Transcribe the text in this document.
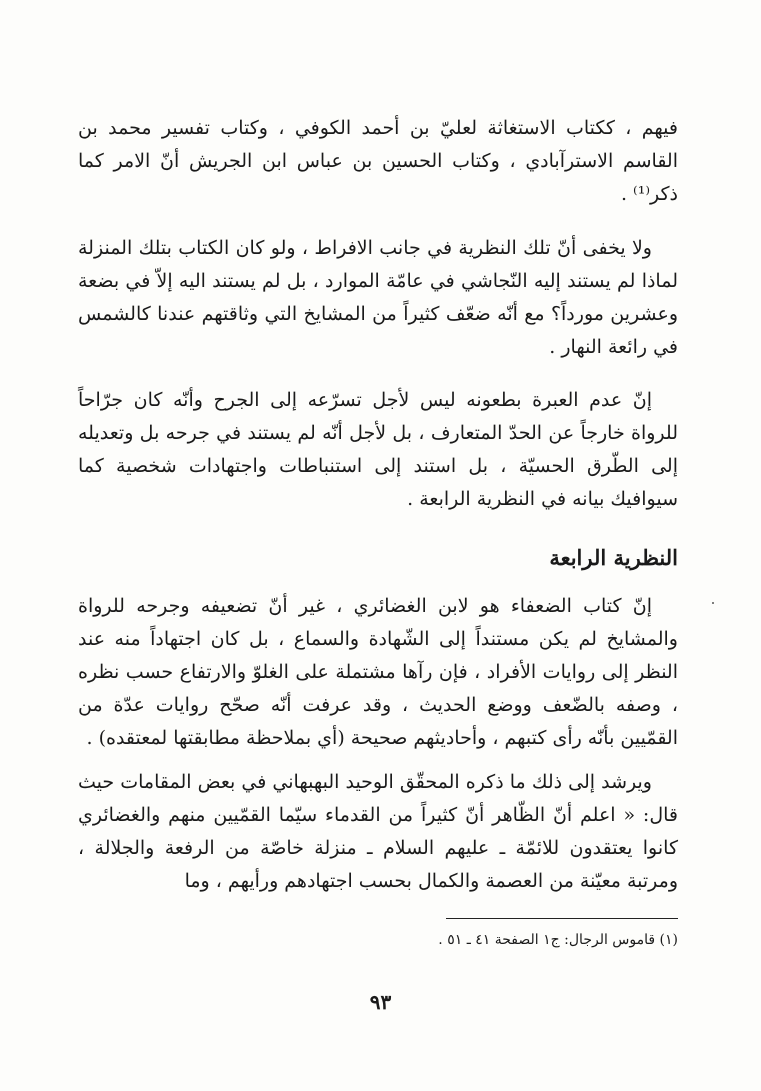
فيهم ، ككتاب الاستغاثة لعليّ بن أحمد الكوفي ، وكتاب تفسير محمد بن القاسم الاسترآبادي ، وكتاب الحسين بن عباس ابن الجريش أنّ الامر كما ذكر⁽¹⁾ .

ولا يخفى أنّ تلك النظرية في جانب الافراط ، ولو كان الكتاب بتلك المنزلة لماذا لم يستند إليه النّجاشي في عامّة الموارد ، بل لم يستند اليه إلاّ في بضعة وعشرين مورداً؟ مع أنّه ضعّف كثيراً من المشايخ التي وثاقتهم عندنا كالشمس في رائعة النهار .

إنّ عدم العبرة بطعونه ليس لأجل تسرّعه إلى الجرح وأنّه كان جرّاحاً للرواة خارجاً عن الحدّ المتعارف ، بل لأجل أنّه لم يستند في جرحه بل وتعديله إلى الطّرق الحسيّة ، بل استند إلى استنباطات واجتهادات شخصية كما سيوافيك بيانه في النظرية الرابعة .

النظرية الرابعة

إنّ كتاب الضعفاء هو لابن الغضائري ، غير أنّ تضعيفه وجرحه للرواة والمشايخ لم يكن مستنداً إلى الشّهادة والسماع ، بل كان اجتهاداً منه عند النظر إلى روايات الأفراد ، فإن رآها مشتملة على الغلوّ والارتفاع حسب نظره ، وصفه بالضّعف ووضع الحديث ، وقد عرفت أنّه صحّح روايات عدّة من القمّيين بأنّه رأى كتبهم ، وأحاديثهم صحيحة (أي بملاحظة مطابقتها لمعتقده) .

ويرشد إلى ذلك ما ذكره المحقّق الوحيد البهبهاني في بعض المقامات حيث قال: « اعلم أنّ الظّاهر أنّ كثيراً من القدماء سيّما القمّيين منهم والغضائري كانوا يعتقدون للائمّة ـ عليهم السلام ـ منزلة خاصّة من الرفعة والجلالة ، ومرتبة معيّنة من العصمة والكمال بحسب اجتهادهم ورأيهم ، وما

(١) قاموس الرجال: ج١ الصفحة ٤١ ـ ٥١ .
٩٣
